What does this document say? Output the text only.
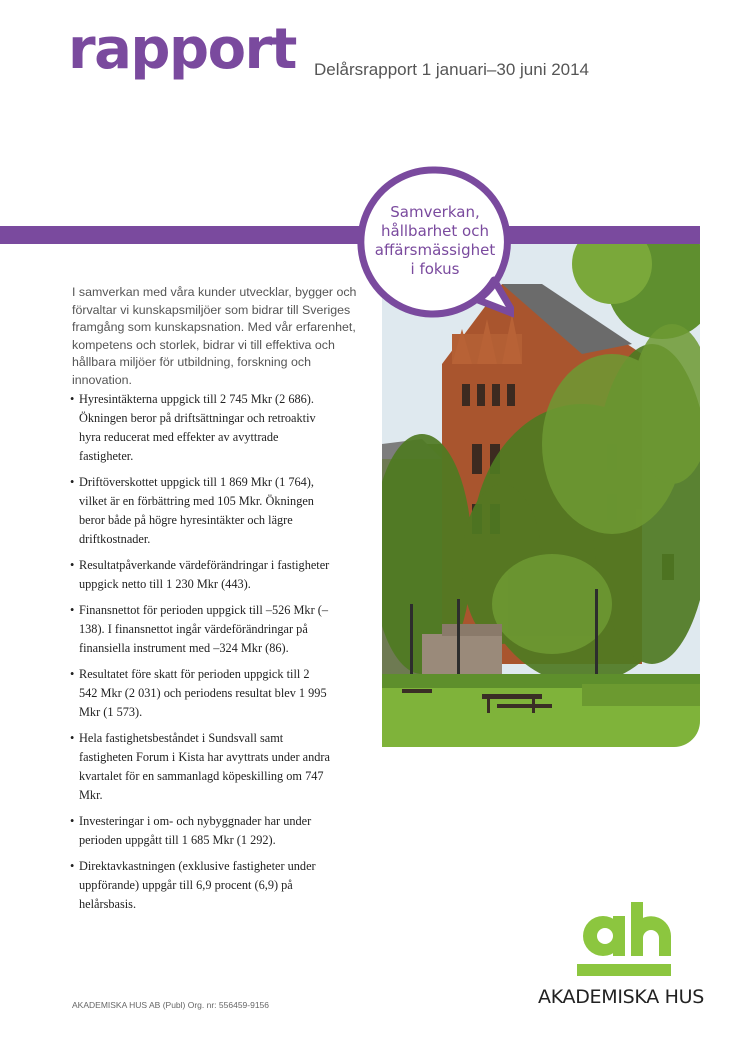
rapport Delårsrapport 1 januari–30 juni 2014
Samverkan,
hållbarhet och
affärsmässighet
i fokus
I samverkan med våra kunder utvecklar, bygger och förvaltar vi kunskapsmiljöer som bidrar till Sveriges framgång som kunskapsnation. Med vår erfarenhet, kompetens och storlek, bidrar vi till effektiva och hållbara miljöer för utbildning, forskning och innovation.
• Hyresintäkterna uppgick till 2 745 Mkr (2 686). Ökningen beror på driftsättningar och retroaktiv hyra reducerat med effekter av avyttrade fastigheter.
• Driftöverskottet uppgick till 1 869 Mkr (1 764), vilket är en förbättring med 105 Mkr. Ökningen beror både på högre hyresintäkter och lägre driftkostnader.
• Resultatpåverkande värdeförändringar i fastigheter uppgick netto till 1 230 Mkr (443).
• Finansnettot för perioden uppgick till –526 Mkr (–138). I finansnettot ingår värdeförändringar på finansiella instrument med –324 Mkr (86).
• Resultatet före skatt för perioden uppgick till 2 542 Mkr (2 031) och periodens resultat blev 1 995 Mkr (1 573).
• Hela fastighetsbeståndet i Sundsvall samt fastigheten Forum i Kista har avyttrats under andra kvartalet för en sammanlagd köpeskilling om 747 Mkr.
• Investeringar i om- och nybyggnader har under perioden uppgått till 1 685 Mkr (1 292).
• Direktavkastningen (exklusive fastigheter under uppförande) uppgår till 6,9 procent (6,9) på helårsbasis.
AKADEMISKA HUS AB (Publ) Org. nr: 556459-9156	AKADEMISKA HUS
